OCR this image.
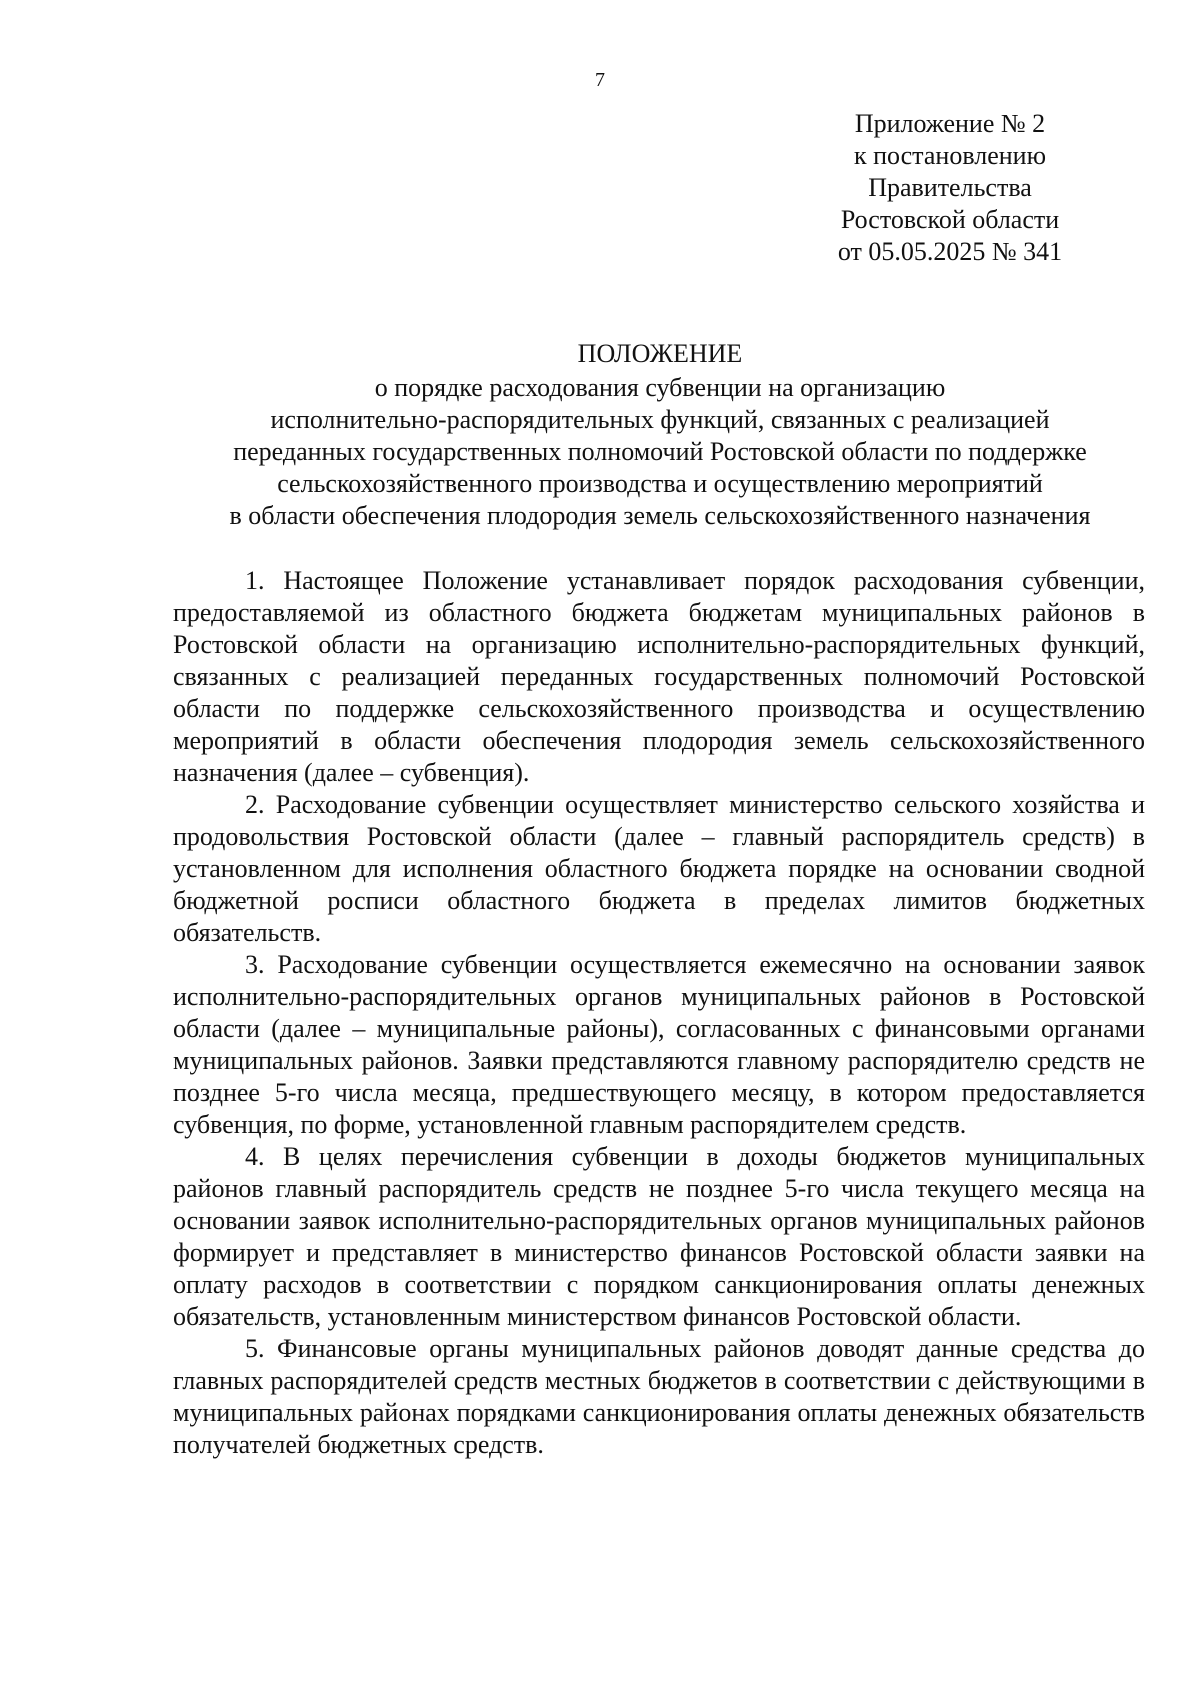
7
Приложение № 2
к постановлению
Правительства
Ростовской области
от 05.05.2025 № 341
ПОЛОЖЕНИЕ
о порядке расходования субвенции на организацию
исполнительно-распорядительных функций, связанных с реализацией
переданных государственных полномочий Ростовской области по поддержке
сельскохозяйственного производства и осуществлению мероприятий
в области обеспечения плодородия земель сельскохозяйственного назначения

1. Настоящее Положение устанавливает порядок расходования субвенции, предоставляемой из областного бюджета бюджетам муниципальных районов в Ростовской области на организацию исполнительно-распорядительных функций, связанных с реализацией переданных государственных полномочий Ростовской области по поддержке сельскохозяйственного производства и осуществлению мероприятий в области обеспечения плодородия земель сельскохозяйственного назначения (далее – субвенция).

2. Расходование субвенции осуществляет министерство сельского хозяйства и продовольствия Ростовской области (далее – главный распорядитель средств) в установленном для исполнения областного бюджета порядке на основании сводной бюджетной росписи областного бюджета в пределах лимитов бюджетных обязательств.

3. Расходование субвенции осуществляется ежемесячно на основании заявок исполнительно-распорядительных органов муниципальных районов в Ростовской области (далее – муниципальные районы), согласованных с финансовыми органами муниципальных районов. Заявки представляются главному распорядителю средств не позднее 5-го числа месяца, предшествующего месяцу, в котором предоставляется субвенция, по форме, установленной главным распорядителем средств.

4. В целях перечисления субвенции в доходы бюджетов муниципальных районов главный распорядитель средств не позднее 5-го числа текущего месяца на основании заявок исполнительно-распорядительных органов муниципальных районов формирует и представляет в министерство финансов Ростовской области заявки на оплату расходов в соответствии с порядком санкционирования оплаты денежных обязательств, установленным министерством финансов Ростовской области.

5. Финансовые органы муниципальных районов доводят данные средства до главных распорядителей средств местных бюджетов в соответствии с действующими в муниципальных районах порядками санкционирования оплаты денежных обязательств получателей бюджетных средств.
